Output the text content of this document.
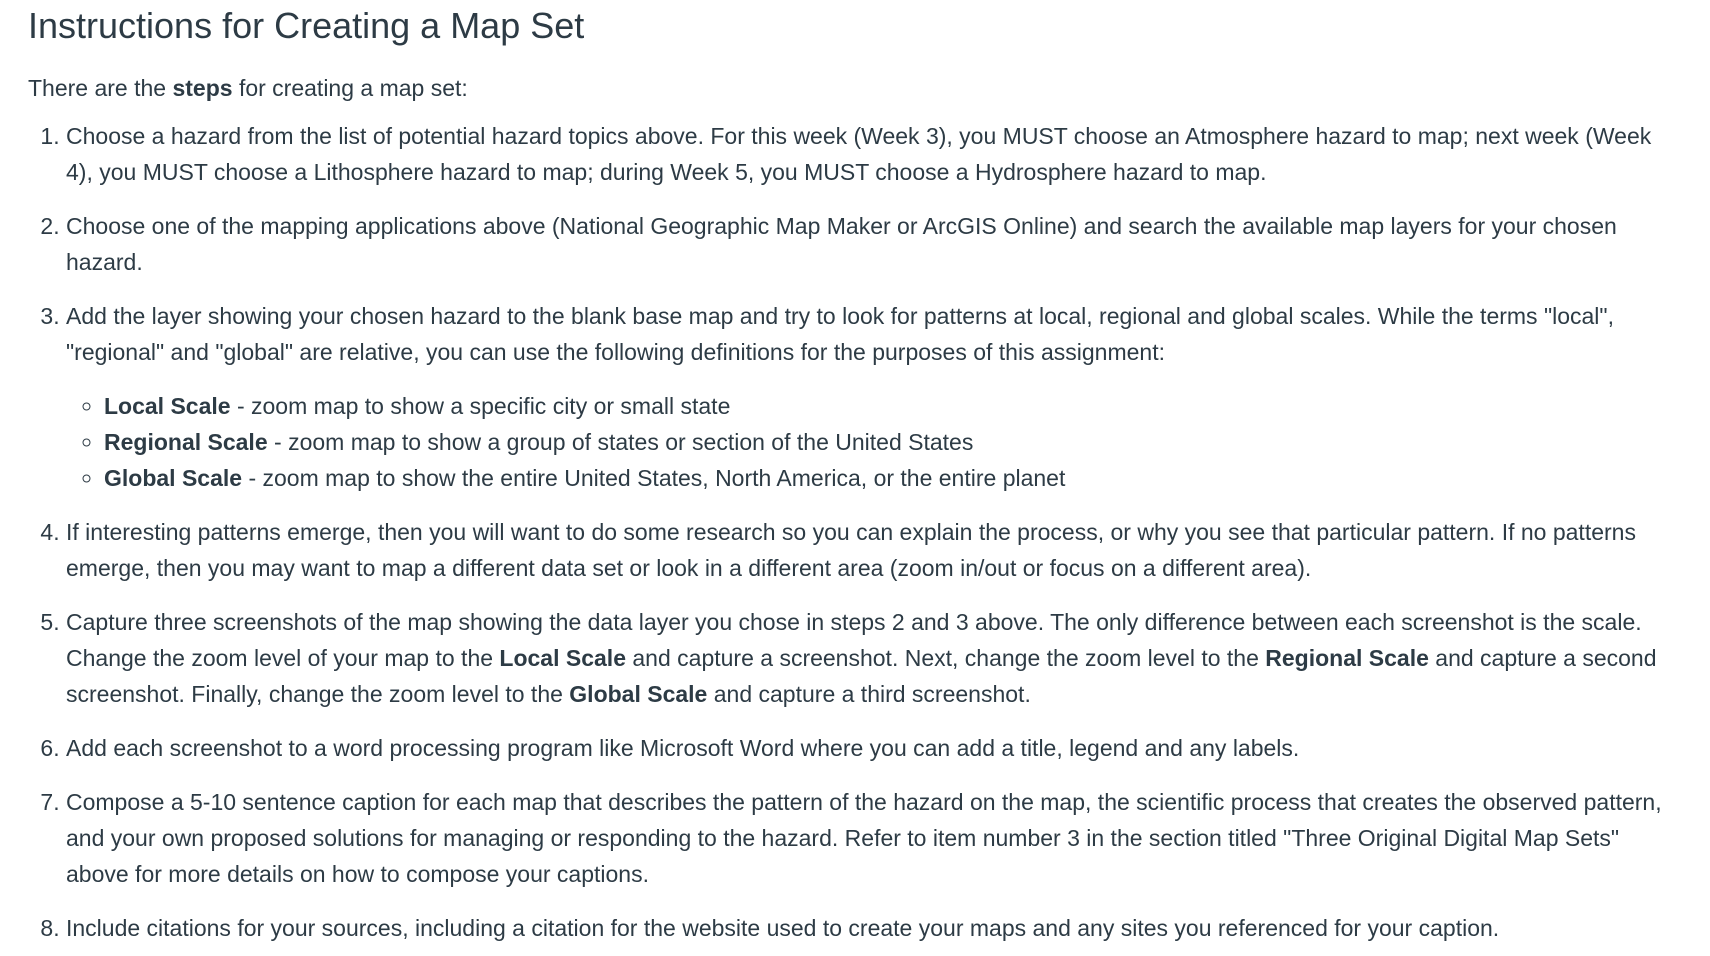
Instructions for Creating a Map Set

There are the steps for creating a map set:

1. Choose a hazard from the list of potential hazard topics above. For this week (Week 3), you MUST choose an Atmosphere hazard to map; next week (Week 4), you MUST choose a Lithosphere hazard to map; during Week 5, you MUST choose a Hydrosphere hazard to map.
2. Choose one of the mapping applications above (National Geographic Map Maker or ArcGIS Online) and search the available map layers for your chosen hazard.
3. Add the layer showing your chosen hazard to the blank base map and try to look for patterns at local, regional and global scales. While the terms "local", "regional" and "global" are relative, you can use the following definitions for the purposes of this assignment:
◦ Local Scale - zoom map to show a specific city or small state
◦ Regional Scale - zoom map to show a group of states or section of the United States
◦ Global Scale - zoom map to show the entire United States, North America, or the entire planet
4. If interesting patterns emerge, then you will want to do some research so you can explain the process, or why you see that particular pattern. If no patterns emerge, then you may want to map a different data set or look in a different area (zoom in/out or focus on a different area).
5. Capture three screenshots of the map showing the data layer you chose in steps 2 and 3 above. The only difference between each screenshot is the scale. Change the zoom level of your map to the Local Scale and capture a screenshot. Next, change the zoom level to the Regional Scale and capture a second screenshot. Finally, change the zoom level to the Global Scale and capture a third screenshot.
6. Add each screenshot to a word processing program like Microsoft Word where you can add a title, legend and any labels.
7. Compose a 5-10 sentence caption for each map that describes the pattern of the hazard on the map, the scientific process that creates the observed pattern, and your own proposed solutions for managing or responding to the hazard. Refer to item number 3 in the section titled "Three Original Digital Map Sets" above for more details on how to compose your captions.
8. Include citations for your sources, including a citation for the website used to create your maps and any sites you referenced for your caption.
